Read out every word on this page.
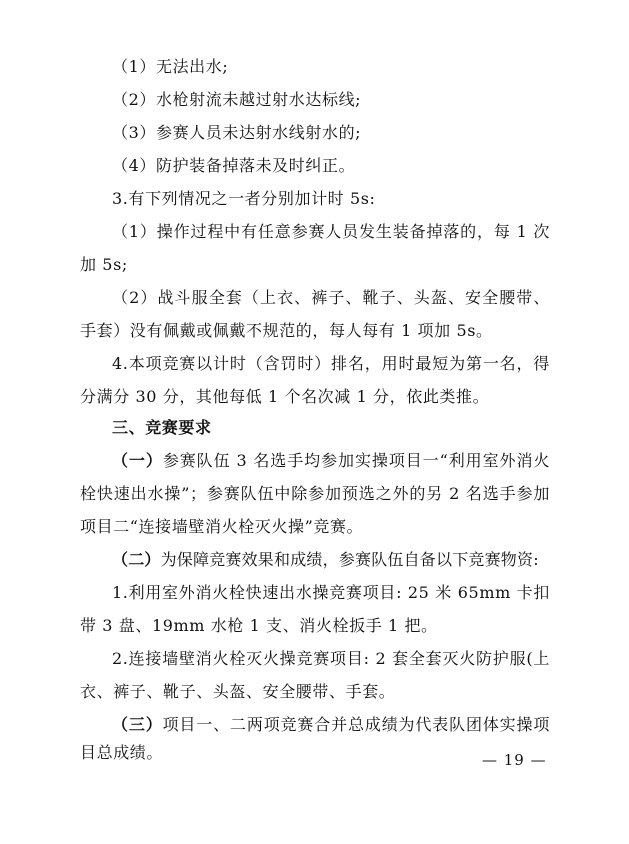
（1）无法出水;
（2）水枪射流未越过射水达标线;
（3）参赛人员未达射水线射水的;
（4）防护装备掉落未及时纠正。
3.有下列情况之一者分别加计时 5s:
（1）操作过程中有任意参赛人员发生装备掉落的，每 1 次
加 5s;
（2）战斗服全套（上衣、裤子、靴子、头盔、安全腰带、
手套）没有佩戴或佩戴不规范的，每人每有 1 项加 5s。
4.本项竞赛以计时（含罚时）排名，用时最短为第一名，得
分满分 30 分，其他每低 1 个名次减 1 分，依此类推。
三、竞赛要求
（一）参赛队伍 3 名选手均参加实操项目一“利用室外消火
栓快速出水操”；参赛队伍中除参加预选之外的另 2 名选手参加
项目二“连接墙壁消火栓灭火操”竞赛。
（二）为保障竞赛效果和成绩，参赛队伍自备以下竞赛物资:
1.利用室外消火栓快速出水操竞赛项目: 25 米 65mm 卡扣
带 3 盘、19mm 水枪 1 支、消火栓扳手 1 把。
2.连接墙壁消火栓灭火操竞赛项目: 2 套全套灭火防护服(上
衣、裤子、靴子、头盔、安全腰带、手套。
（三）项目一、二两项竞赛合并总成绩为代表队团体实操项
目总成绩。	— 19 —
